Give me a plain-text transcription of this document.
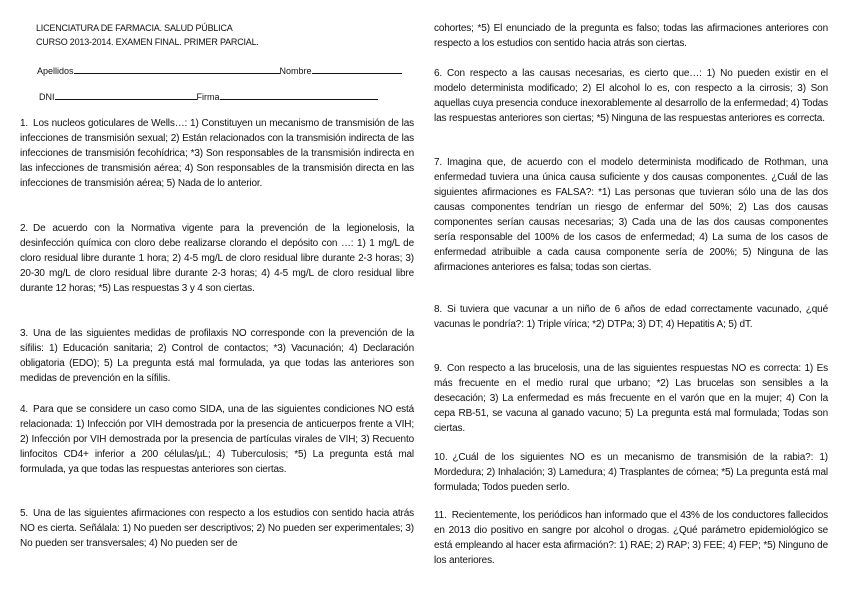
LICENCIATURA DE FARMACIA. SALUD PÚBLICA
CURSO 2013-2014. EXAMEN FINAL. PRIMER PARCIAL.
Apellidos	Nombre
DNI	Firma
1. Los nucleos goticulares de Wells…: 1) Constituyen un mecanismo de transmisión de las infecciones de transmisión sexual; 2) Están relacionados con la transmisión indirecta de las infecciones de transmisión fecohídrica; *3) Son responsables de la transmisión indirecta en las infecciones de transmisión aérea; 4) Son responsables de la transmisión directa en las infecciones de transmisión aérea; 5) Nada de lo anterior.
2. De acuerdo con la Normativa vigente para la prevención de la legionelosis, la desinfección química con cloro debe realizarse clorando el depósito con …: 1) 1 mg/L de cloro residual libre durante 1 hora; 2) 4-5 mg/L de cloro residual libre durante 2-3 horas; 3) 20-30 mg/L de cloro residual libre durante 2-3 horas; 4) 4-5 mg/L de cloro residual libre durante 12 horas; *5) Las respuestas 3 y 4 son ciertas.
3. Una de las siguientes medidas de profilaxis NO corresponde con la prevención de la sífilis: 1) Educación sanitaria; 2) Control de contactos; *3) Vacunación; 4) Declaración obligatoria (EDO); 5) La pregunta está mal formulada, ya que todas las anteriores son medidas de prevención en la sífilis.
4. Para que se considere un caso como SIDA, una de las siguientes condiciones NO está relacionada: 1) Infección por VIH demostrada por la presencia de anticuerpos frente a VIH; 2) Infección por VIH demostrada por la presencia de partículas virales de VIH; 3) Recuento linfocitos CD4+ inferior a 200 células/µL; 4) Tuberculosis; *5) La pregunta está mal formulada, ya que todas las respuestas anteriores son ciertas.
5. Una de las siguientes afirmaciones con respecto a los estudios con sentido hacia atrás NO es cierta. Señálala: 1) No pueden ser descriptivos; 2) No pueden ser experimentales; 3) No pueden ser transversales; 4) No pueden ser de
cohortes; *5) El enunciado de la pregunta es falso; todas las afirmaciones anteriores con respecto a los estudios con sentido hacia atrás son ciertas.
6. Con respecto a las causas necesarias, es cierto que…: 1) No pueden existir en el modelo determinista modificado; 2) El alcohol lo es, con respecto a la cirrosis; 3) Son aquellas cuya presencia conduce inexorablemente al desarrollo de la enfermedad; 4) Todas las respuestas anteriores son ciertas; *5) Ninguna de las respuestas anteriores es correcta.
7. Imagina que, de acuerdo con el modelo determinista modificado de Rothman, una enfermedad tuviera una única causa suficiente y dos causas componentes. ¿Cuál de las siguientes afirmaciones es FALSA?: *1) Las personas que tuvieran sólo una de las dos causas componentes tendrían un riesgo de enfermar del 50%; 2) Las dos causas componentes serían causas necesarias; 3) Cada una de las dos causas componentes sería responsable del 100% de los casos de enfermedad; 4) La suma de los casos de enfermedad atribuible a cada causa componente sería de 200%; 5) Ninguna de las afirmaciones anteriores es falsa; todas son ciertas.
8. Si tuviera que vacunar a un niño de 6 años de edad correctamente vacunado, ¿qué vacunas le pondría?: 1) Triple vírica; *2) DTPa; 3) DT; 4) Hepatitis A; 5) dT.
9. Con respecto a las brucelosis, una de las siguientes respuestas NO es correcta: 1) Es más frecuente en el medio rural que urbano; *2) Las brucelas son sensibles a la desecación; 3) La enfermedad es más frecuente en el varón que en la mujer; 4) Con la cepa RB-51, se vacuna al ganado vacuno; 5) La pregunta está mal formulada; Todas son ciertas.
10. ¿Cuál de los siguientes NO es un mecanismo de transmisión de la rabia?: 1) Mordedura; 2) Inhalación; 3) Lamedura; 4) Trasplantes de córnea; *5) La pregunta está mal formulada; Todos pueden serlo.
11. Recientemente, los periódicos han informado que el 43% de los conductores fallecidos en 2013 dio positivo en sangre por alcohol o drogas. ¿Qué parámetro epidemiológico se está empleando al hacer esta afirmación?: 1) RAE; 2) RAP; 3) FEE; 4) FEP; *5) Ninguno de los anteriores.
